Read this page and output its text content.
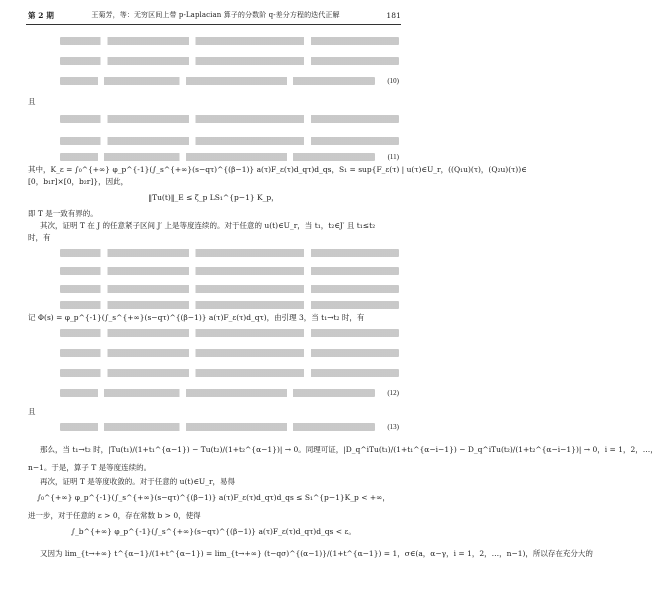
第 2 期	王菊芳，等：无穷区间上带 p-Laplacian 算子的分数阶 q-差分方程的迭代正解	181
(10)
且
(11)
其中，K_ε = ∫₀^{+∞} φ_p^{-1}(∫_s^{+∞}(s−qτ)^{(β−1)} a(τ)F_ε(τ)d_qτ)d_qs，S₁ = sup{F_ε(τ) | u(τ)∈U_r，((Q₁u)(τ)，(Q₂u)(τ))∈
[0，b₁r]×[0，b₂r]}，因此，
‖Tu(t)‖_E ≤ ζ_p LS₁^{p−1} K_p，
即 T 是一致有界的。
其次，证明 T 在 J 的任意紧子区间 J′ 上是等度连续的。对于任意的 u(t)∈U_r，当 t₁，t₂∈J′ 且 t₁≤t₂
时，有
记 Φ(s) = φ_p^{-1}(∫_s^{+∞}(s−qτ)^{(β−1)} a(τ)F_ε(τ)d_qτ)，由引理 3，当 t₁→t₂ 时，有
(12)
且
(13)
那么，当 t₁→t₂ 时，|Tu(t₁)/(1+t₁^{α−1}) − Tu(t₂)/(1+t₂^{α−1})| → 0。同理可证，|D_q^iTu(t₁)/(1+t₁^{α−i−1}) − D_q^iTu(t₂)/(1+t₂^{α−i−1})| → 0，i = 1，2，…，
n−1。于是，算子 T 是等度连续的。
再次，证明 T 是等度收敛的。对于任意的 u(t)∈U_r，易得
∫₀^{+∞} φ_p^{-1}(∫_s^{+∞}(s−qτ)^{(β−1)} a(τ)F_ε(τ)d_qτ)d_qs ≤ S₁^{p−1}K_p < +∞，
进一步，对于任意的 ε > 0，存在常数 b > 0，使得
∫_b^{+∞} φ_p^{-1}(∫_s^{+∞}(s−qτ)^{(β−1)} a(τ)F_ε(τ)d_qτ)d_qs < ε。
又因为 lim_{t→+∞} t^{α−1}/(1+t^{α−1}) = lim_{t→+∞} (t−qσ)^{(α−1)}/(1+t^{α−1}) = 1，σ∈(a，α−γ，i = 1，2，…，n−1)，所以存在充分大的
